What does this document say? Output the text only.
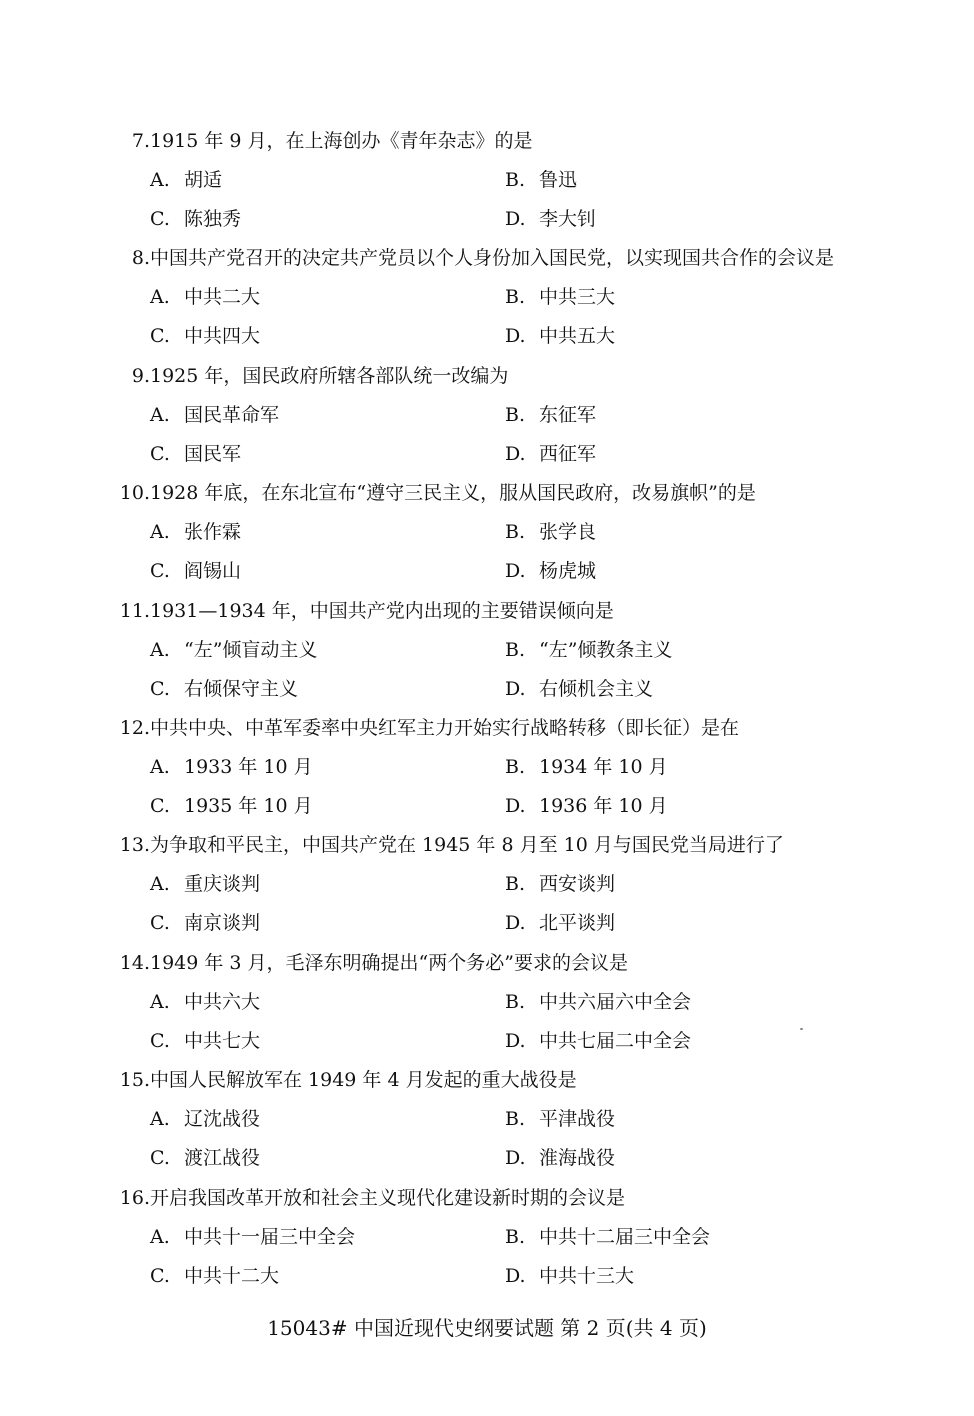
7.1915 年 9 月，在上海创办《青年杂志》的是
A. 胡适	B. 鲁迅
C. 陈独秀	D. 李大钊
8.中国共产党召开的决定共产党员以个人身份加入国民党，以实现国共合作的会议是
A. 中共二大	B. 中共三大
C. 中共四大	D. 中共五大
9.1925 年，国民政府所辖各部队统一改编为
A. 国民革命军	B. 东征军
C. 国民军	D. 西征军
10.1928 年底，在东北宣布“遵守三民主义，服从国民政府，改易旗帜”的是
A. 张作霖	B. 张学良
C. 阎锡山	D. 杨虎城
11.1931—1934 年，中国共产党内出现的主要错误倾向是
A. “左”倾盲动主义	B. “左”倾教条主义
C. 右倾保守主义	D. 右倾机会主义
12.中共中央、中革军委率中央红军主力开始实行战略转移（即长征）是在
A. 1933 年 10 月	B. 1934 年 10 月
C. 1935 年 10 月	D. 1936 年 10 月
13.为争取和平民主，中国共产党在 1945 年 8 月至 10 月与国民党当局进行了
A. 重庆谈判	B. 西安谈判
C. 南京谈判	D. 北平谈判
14.1949 年 3 月，毛泽东明确提出“两个务必”要求的会议是
A. 中共六大	B. 中共六届六中全会
C. 中共七大	D. 中共七届二中全会
15.中国人民解放军在 1949 年 4 月发起的重大战役是
A. 辽沈战役	B. 平津战役
C. 渡江战役	D. 淮海战役
16.开启我国改革开放和社会主义现代化建设新时期的会议是
A. 中共十一届三中全会	B. 中共十二届三中全会
C. 中共十二大	D. 中共十三大
15043# 中国近现代史纲要试题 第 2 页(共 4 页)
